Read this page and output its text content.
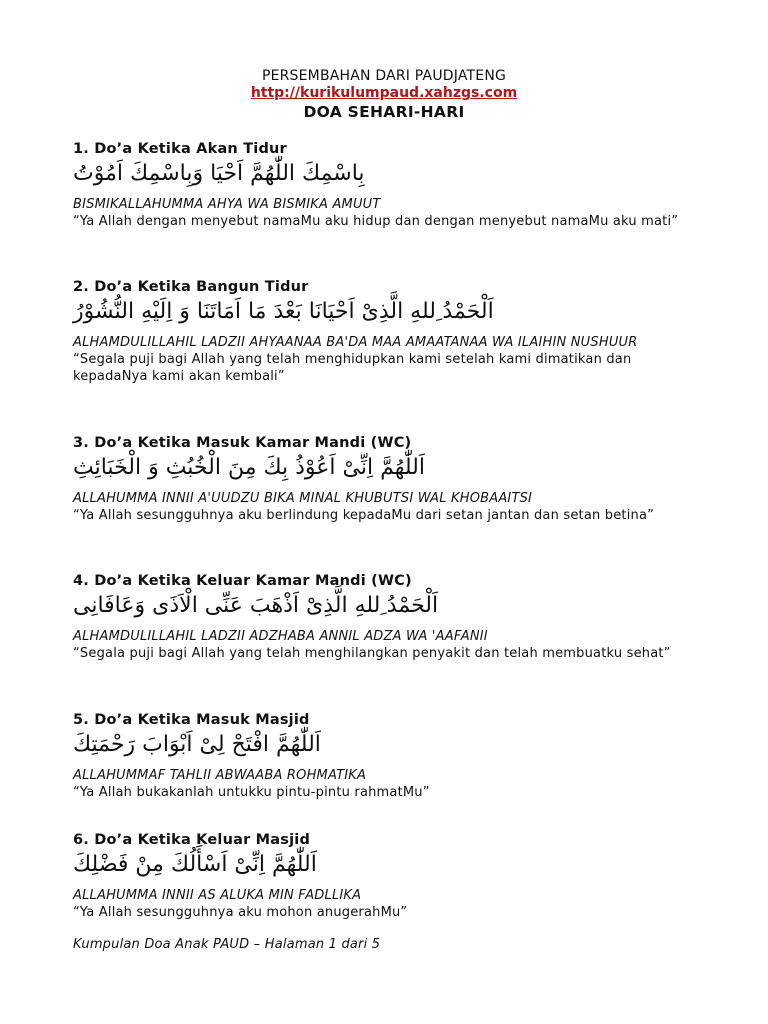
PERSEMBAHAN DARI PAUDJATENG
http://kurikulumpaud.xahzgs.com
DOA SEHARI-HARI
1. Do’a Ketika Akan Tidur
بِاسْمِكَ اللّٰهُمَّ اَحْيَا وَبِاسْمِكَ اَمُوْتُ
BISMIKALLAHUMMA AHYA WA BISMIKA AMUUT
“Ya Allah dengan menyebut namaMu aku hidup dan dengan menyebut namaMu aku mati”
2. Do’a Ketika Bangun Tidur
اَلْحَمْدُ ِللهِ الَّذِىْ اَحْيَانَا بَعْدَ مَا اَمَاتَنَا وَ اِلَيْهِ النُّشُوْرُ
ALHAMDULILLAHIL LADZII AHYAANAA BA'DA MAA AMAATANAA WA ILAIHIN NUSHUUR
“Segala puji bagi Allah yang telah menghidupkan kami setelah kami dimatikan dan kepadaNya kami akan kembali”
3. Do’a Ketika Masuk Kamar Mandi (WC)
اَللّٰهُمَّ اِنِّىْ اَعُوْذُ بِكَ مِنَ الْخُبُثِ وَ الْخَبَائِثِ
ALLAHUMMA INNII A'UUDZU BIKA MINAL KHUBUTSI WAL KHOBAAITSI
“Ya Allah sesungguhnya aku berlindung kepadaMu dari setan jantan dan setan betina”
4. Do’a Ketika Keluar Kamar Mandi (WC)
اَلْحَمْدُ ِللهِ الَّذِىْ اَذْهَبَ عَنِّى الْاَذَى وَعَافَانِى
ALHAMDULILLAHIL LADZII ADZHABA ANNIL ADZA WA 'AAFANII
“Segala puji bagi Allah yang telah menghilangkan penyakit dan telah membuatku sehat”
5. Do’a Ketika Masuk Masjid
اَللّٰهُمَّ افْتَحْ لِىْ اَبْوَابَ رَحْمَتِكَ
ALLAHUMMAF TAHLII ABWAABA ROHMATIKA
“Ya Allah bukakanlah untukku pintu-pintu rahmatMu”
6. Do’a Ketika Keluar Masjid
اَللّٰهُمَّ اِنِّىْ اَسْأَلُكَ مِنْ فَضْلِكَ
ALLAHUMMA INNII AS ALUKA MIN FADLLIKA
“Ya Allah sesungguhnya aku mohon anugerahMu”
Kumpulan Doa Anak PAUD – Halaman 1 dari 5
